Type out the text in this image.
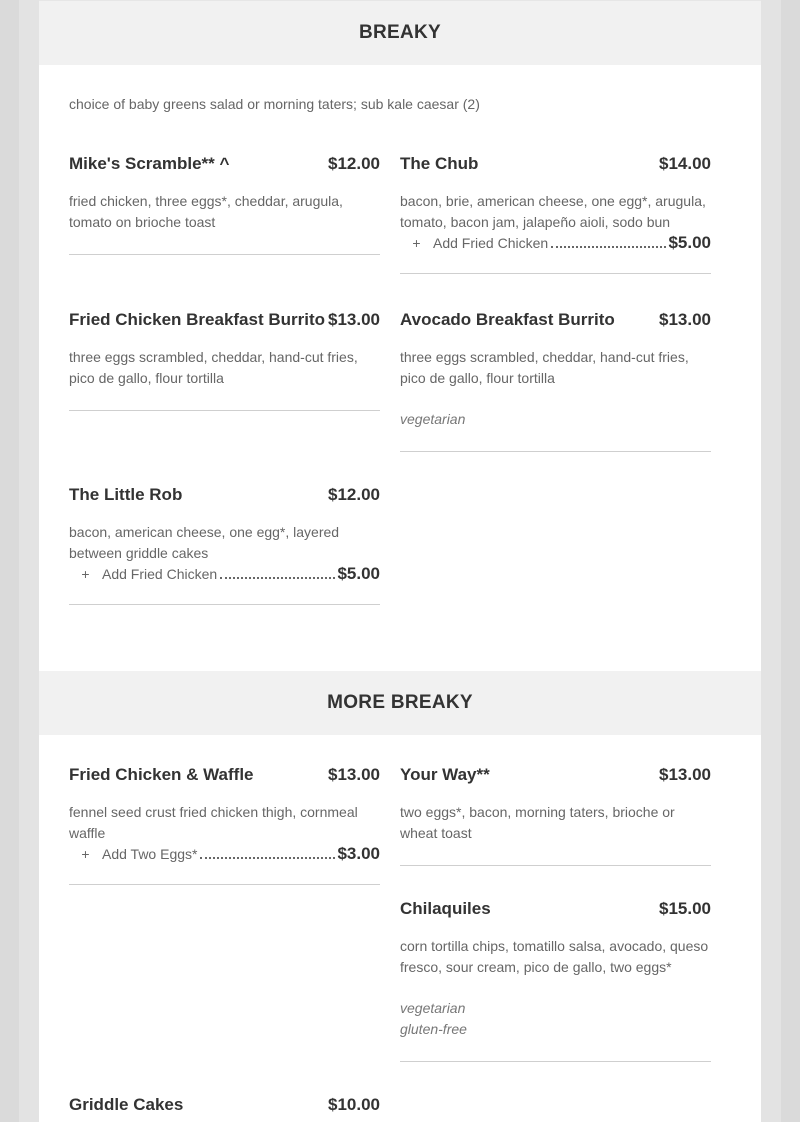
BREAKY
choice of baby greens salad or morning taters; sub kale caesar (2)
Mike's Scramble** ^	$12.00
fried chicken, three eggs*, cheddar, arugula, tomato on brioche toast
The Chub	$14.00
bacon, brie, american cheese, one egg*, arugula, tomato, bacon jam, jalapeño aioli, sodo bun
+ Add Fried Chicken	$5.00
Fried Chicken Breakfast Burrito $13.00
three eggs scrambled, cheddar, hand-cut fries, pico de gallo, flour tortilla
Avocado Breakfast Burrito	$13.00
three eggs scrambled, cheddar, hand-cut fries, pico de gallo, flour tortilla
vegetarian
The Little Rob	$12.00
bacon, american cheese, one egg*, layered between griddle cakes
+ Add Fried Chicken	$5.00
MORE BREAKY
Fried Chicken & Waffle	$13.00
fennel seed crust fried chicken thigh, cornmeal waffle
+ Add Two Eggs*	$3.00
Your Way**	$13.00
two eggs*, bacon, morning taters, brioche or wheat toast
Chilaquiles	$15.00
corn tortilla chips, tomatillo salsa, avocado, queso fresco, sour cream, pico de gallo, two eggs*
vegetarian
gluten-free
Griddle Cakes	$10.00
